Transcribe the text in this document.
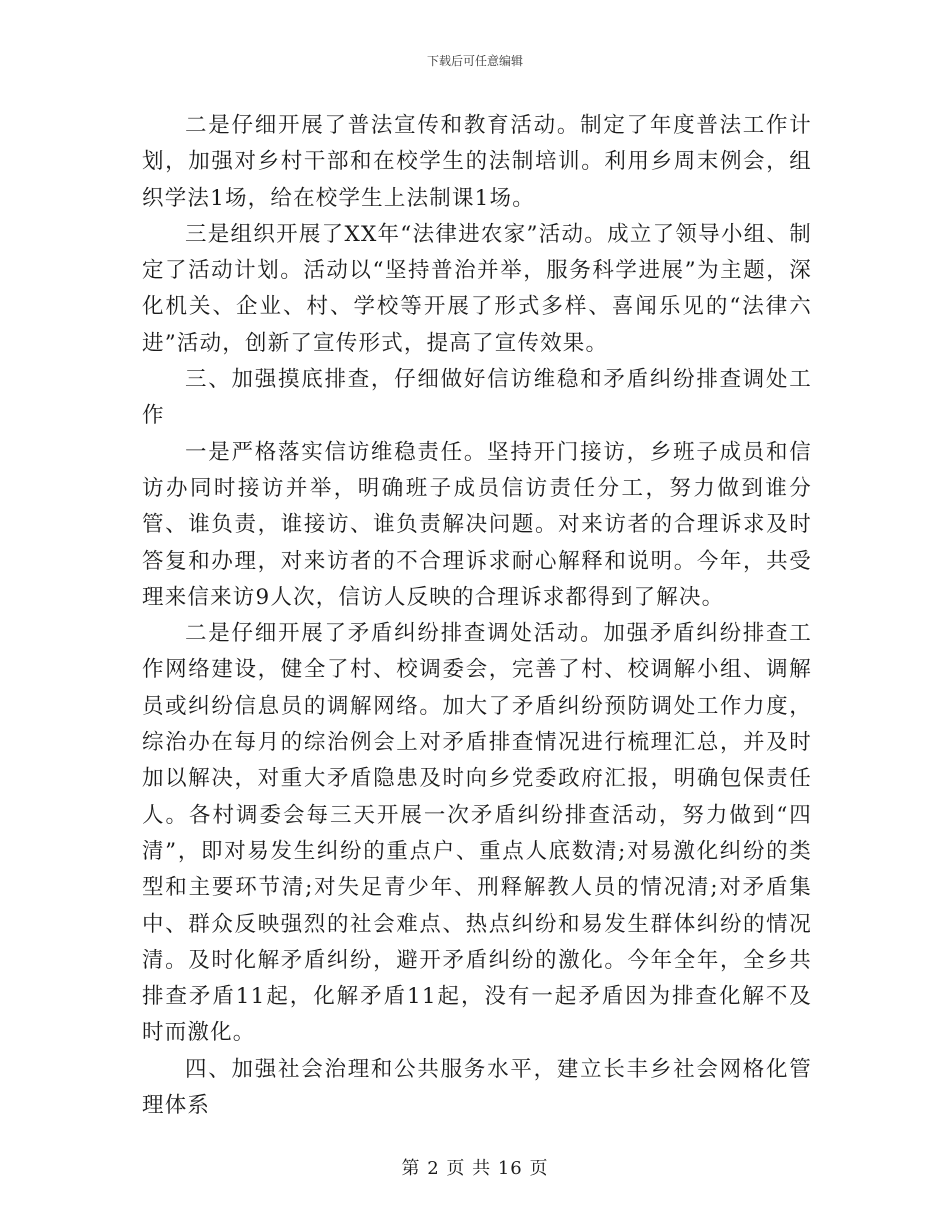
下载后可任意编辑

二是仔细开展了普法宣传和教育活动。制定了年度普法工作计划，加强对乡村干部和在校学生的法制培训。利用乡周末例会，组织学法1场，给在校学生上法制课1场。

三是组织开展了XX年“法律进农家”活动。成立了领导小组、制定了活动计划。活动以“坚持普治并举，服务科学进展”为主题，深化机关、企业、村、学校等开展了形式多样、喜闻乐见的“法律六进”活动，创新了宣传形式，提高了宣传效果。

三、加强摸底排查，仔细做好信访维稳和矛盾纠纷排查调处工作

一是严格落实信访维稳责任。坚持开门接访，乡班子成员和信访办同时接访并举，明确班子成员信访责任分工，努力做到谁分管、谁负责，谁接访、谁负责解决问题。对来访者的合理诉求及时答复和办理，对来访者的不合理诉求耐心解释和说明。今年，共受理来信来访9人次，信访人反映的合理诉求都得到了解决。

二是仔细开展了矛盾纠纷排查调处活动。加强矛盾纠纷排查工作网络建设，健全了村、校调委会，完善了村、校调解小组、调解员或纠纷信息员的调解网络。加大了矛盾纠纷预防调处工作力度，综治办在每月的综治例会上对矛盾排查情况进行梳理汇总，并及时加以解决，对重大矛盾隐患及时向乡党委政府汇报，明确包保责任人。各村调委会每三天开展一次矛盾纠纷排查活动，努力做到“四清”，即对易发生纠纷的重点户、重点人底数清;对易激化纠纷的类型和主要环节清;对失足青少年、刑释解教人员的情况清;对矛盾集中、群众反映强烈的社会难点、热点纠纷和易发生群体纠纷的情况清。及时化解矛盾纠纷，避开矛盾纠纷的激化。今年全年，全乡共排查矛盾11起，化解矛盾11起，没有一起矛盾因为排查化解不及时而激化。

四、加强社会治理和公共服务水平，建立长丰乡社会网格化管理体系

第 2 页 共 16 页
